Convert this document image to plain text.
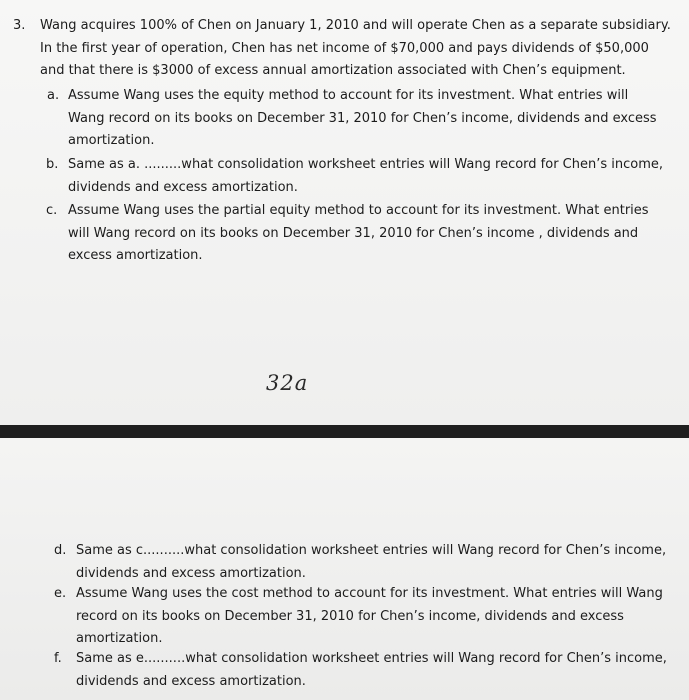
3. Wang acquires 100% of Chen on January 1, 2010 and will operate Chen as a separate subsidiary. In the first year of operation, Chen has net income of $70,000 and pays dividends of $50,000 and that there is $3000 of excess annual amortization associated with Chen’s equipment.

a. Assume Wang uses the equity method to account for its investment. What entries will Wang record on its books on December 31, 2010 for Chen’s income, dividends and excess amortization.

b. Same as a. .........what consolidation worksheet entries will Wang record for Chen’s income, dividends and excess amortization.

c. Assume Wang uses the partial equity method to account for its investment. What entries will Wang record on its books on December 31, 2010 for Chen’s income , dividends and excess amortization.

32a
d. Same as c..........what consolidation worksheet entries will Wang record for Chen’s income, dividends and excess amortization.

e. Assume Wang uses the cost method to account for its investment. What entries will Wang record on its books on December 31, 2010 for Chen’s income, dividends and excess amortization.

f. Same as e..........what consolidation worksheet entries will Wang record for Chen’s income, dividends and excess amortization.
